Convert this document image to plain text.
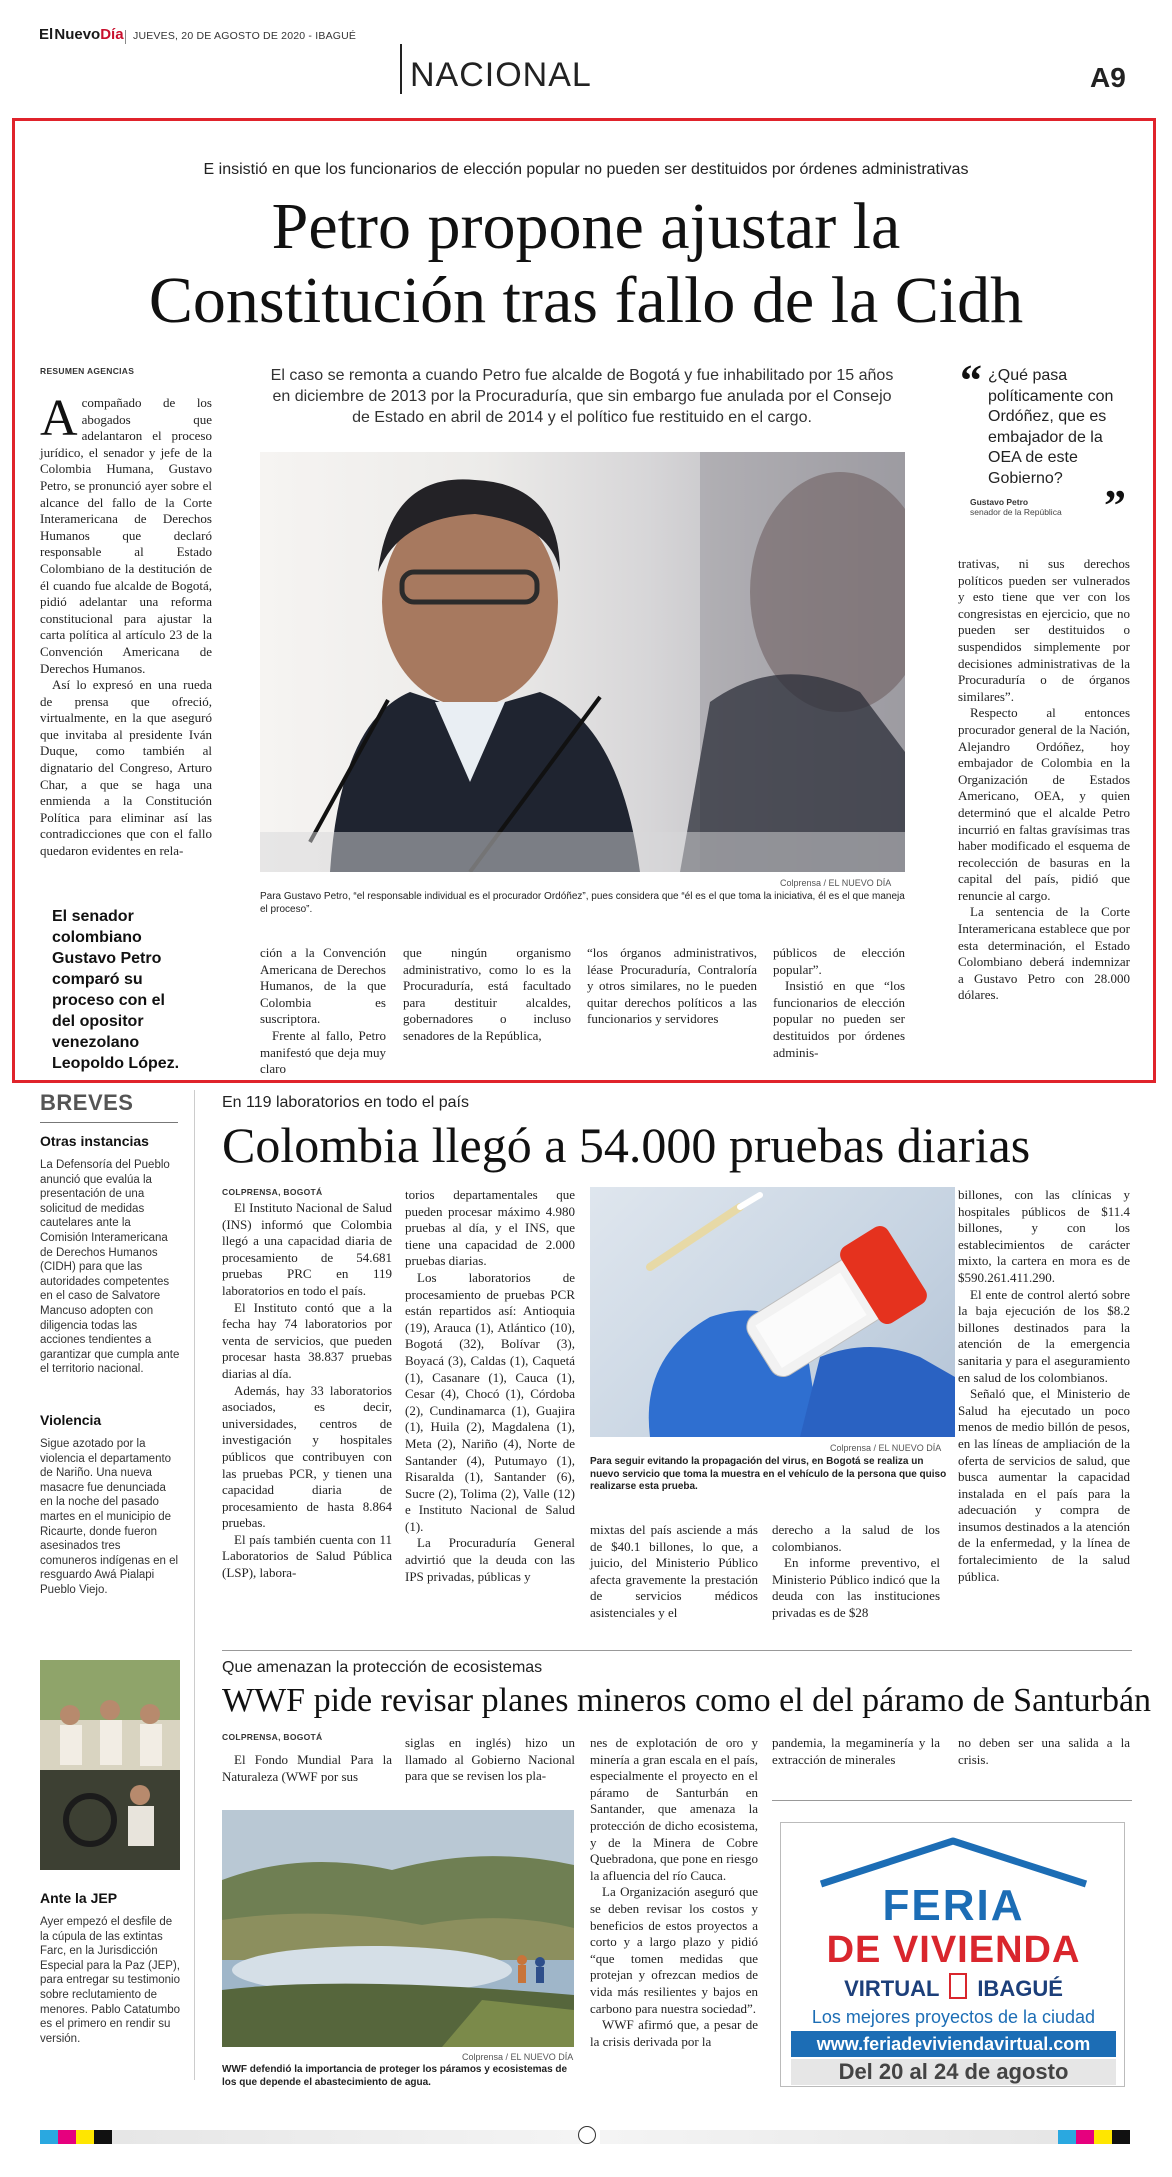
El NuevoDía JUEVES, 20 DE AGOSTO DE 2020 - IBAGUÉ
NACIONAL	A9
E insistió en que los funcionarios de elección popular no pueden ser destituidos por órdenes administrativas
Petro propone ajustar la
Constitución tras fallo de la Cidh
RESUMEN AGENCIAS	El caso se remonta a cuando Petro fue alcalde de Bogotá y fue inhabilitado por 15 años en diciembre de 2013 por la Procuraduría, que sin embargo fue anulada por el Consejo de Estado en abril de 2014 y el político fue restituido en el cargo.

Acompañado de los abogados que adelantaron el proceso jurídico, el senador y jefe de la Colombia Humana, Gustavo Petro, se pronunció ayer sobre el alcance del fallo de la Corte Interamericana de Derechos Humanos que declaró responsable al Estado Colombiano de la destitución de él cuando fue alcalde de Bogotá, pidió adelantar una reforma constitucional para ajustar la carta política al artículo 23 de la Convención Americana de Derechos Humanos.

Así lo expresó en una rueda de prensa que ofreció, virtualmente, en la que aseguró que invitaba al presidente Iván Duque, como también al dignatario del Congreso, Arturo Char, a que se haga una enmienda a la Constitución Política para eliminar así las contradicciones que con el fallo quedaron evidentes en rela-

El senador colombiano Gustavo Petro comparó su proceso con el del opositor venezolano Leopoldo López.
Colprensa / EL NUEVO DÍA
Para Gustavo Petro, “el responsable individual es el procurador Ordóñez”, pues considera que “él es el que toma la iniciativa, él es el que maneja el proceso”.

ción a la Convención Americana de Derechos Humanos, de la que Colombia es suscriptora.

Frente al fallo, Petro manifestó que deja muy claro

que ningún organismo administrativo, como lo es la Procuraduría, está facultado para destituir alcaldes, gobernadores o incluso senadores de la República,

“los órganos administrativos, léase Procuraduría, Contraloría y otros similares, no le pueden quitar derechos políticos a las funcionarios y servidores

públicos de elección popular”.

Insistió en que “los funcionarios de elección popular no pueden ser destituidos por órdenes adminis-

“ ¿Qué pasa políticamente con Ordóñez, que es embajador de la OEA de este Gobierno?
Gustavo Petro
senador de la República ”

trativas, ni sus derechos políticos pueden ser vulnerados y esto tiene que ver con los congresistas en ejercicio, que no pueden ser destituidos o suspendidos simplemente por decisiones administrativas de la Procuraduría o de órganos similares”.

Respecto al entonces procurador general de la Nación, Alejandro Ordóñez, hoy embajador de Colombia en la Organización de Estados Americano, OEA, y quien determinó que el alcalde Petro incurrió en faltas gravísimas tras haber modificado el esquema de recolección de basuras en la capital del país, pidió que renuncie al cargo.

La sentencia de la Corte Interamericana establece que por esta determinación, el Estado Colombiano deberá indemnizar a Gustavo Petro con 28.000 dólares.

BREVES
Otras instancias
La Defensoría del Pueblo anunció que evalúa la presentación de una solicitud de medidas cautelares ante la Comisión Interamericana de Derechos Humanos (CIDH) para que las autoridades competentes en el caso de Salvatore Mancuso adopten con diligencia todas las acciones tendientes a garantizar que cumpla ante el territorio nacional.
Violencia
Sigue azotado por la violencia el departamento de Nariño. Una nueva masacre fue denunciada en la noche del pasado martes en el municipio de Ricaurte, donde fueron asesinados tres comuneros indígenas en el resguardo Awá Pialapi Pueblo Viejo.
Ante la JEP
Ayer empezó el desfile de la cúpula de las extintas Farc, en la Jurisdicción Especial para la Paz (JEP), para entregar su testimonio sobre reclutamiento de menores. Pablo Catatumbo es el primero en rendir su versión.
En 119 laboratorios en todo el país
Colombia llegó a 54.000 pruebas diarias
COLPRENSA, BOGOTÁ

El Instituto Nacional de Salud (INS) informó que Colombia llegó a una capacidad diaria de procesamiento de 54.681 pruebas PRC en 119 laboratorios en todo el país.

El Instituto contó que a la fecha hay 74 laboratorios por venta de servicios, que pueden procesar hasta 38.837 pruebas diarias al día.

Además, hay 33 laboratorios asociados, es decir, universidades, centros de investigación y hospitales públicos que contribuyen con las pruebas PCR, y tienen una capacidad diaria de procesamiento de hasta 8.864 pruebas.

El país también cuenta con 11 Laboratorios de Salud Pública (LSP), labora-

torios departamentales que pueden procesar máximo 4.980 pruebas al día, y el INS, que tiene una capacidad de 2.000 pruebas diarias.

Los laboratorios de procesamiento de pruebas PCR están repartidos así: Antioquia (19), Arauca (1), Atlántico (10), Bogotá (32), Bolívar (3), Boyacá (3), Caldas (1), Caquetá (1), Casanare (1), Cauca (1), Cesar (4), Chocó (1), Córdoba (2), Cundinamarca (1), Guajira (1), Huila (2), Magdalena (1), Meta (2), Nariño (4), Norte de Santander (4), Putumayo (1), Risaralda (1), Santander (6), Sucre (2), Tolima (2), Valle (12) e Instituto Nacional de Salud (1).

La Procuraduría General advirtió que la deuda con las IPS privadas, públicas y

Colprensa / EL NUEVO DÍA
Para seguir evitando la propagación del virus, en Bogotá se realiza un nuevo servicio que toma la muestra en el vehículo de la persona que quiso realizarse esta prueba.

mixtas del país asciende a más de $40.1 billones, lo que, a juicio, del Ministerio Público afecta gravemente la prestación de servicios médicos asistenciales y el

derecho a la salud de los colombianos.

En informe preventivo, el Ministerio Público indicó que la deuda con las instituciones privadas es de $28

billones, con las clínicas y hospitales públicos de $11.4 billones, y con los establecimientos de carácter mixto, la cartera en mora es de $590.261.411.290.

El ente de control alertó sobre la baja ejecución de los $8.2 billones destinados para la atención de la emergencia sanitaria y para el aseguramiento en salud de los colombianos.

Señaló que, el Ministerio de Salud ha ejecutado un poco menos de medio billón de pesos, en las líneas de ampliación de la oferta de servicios de salud, que busca aumentar la capacidad instalada en el país para la adecuación y compra de insumos destinados a la atención de la enfermedad, y la línea de fortalecimiento de la salud pública.

Que amenazan la protección de ecosistemas
WWF pide revisar planes mineros como el del páramo de Santurbán
COLPRENSA, BOGOTÁ

El Fondo Mundial Para la Naturaleza (WWF por sus

siglas en inglés) hizo un llamado al Gobierno Nacional para que se revisen los pla-

Colprensa / EL NUEVO DÍA
WWF defendió la importancia de proteger los páramos y ecosistemas de los que depende el abastecimiento de agua.

nes de explotación de oro y minería a gran escala en el país, especialmente el proyecto en el páramo de Santurbán en Santander, que amenaza la protección de dicho ecosistema, y de la Minera de Cobre Quebradona, que pone en riesgo la afluencia del río Cauca.

La Organización aseguró que se deben revisar los costos y beneficios de estos proyectos a corto y a largo plazo y pidió “que tomen medidas que protejan y ofrezcan medios de vida más resilientes y bajos en carbono para nuestra sociedad”.

WWF afirmó que, a pesar de la crisis derivada por la

pandemia, la megaminería y la extracción de minerales

no deben ser una salida a la crisis.

FERIA
DE VIVIENDA
VIRTUAL IBAGUÉ
Los mejores proyectos de la ciudad
www.feriadeviviendavirtual.com
Del 20 al 24 de agosto
